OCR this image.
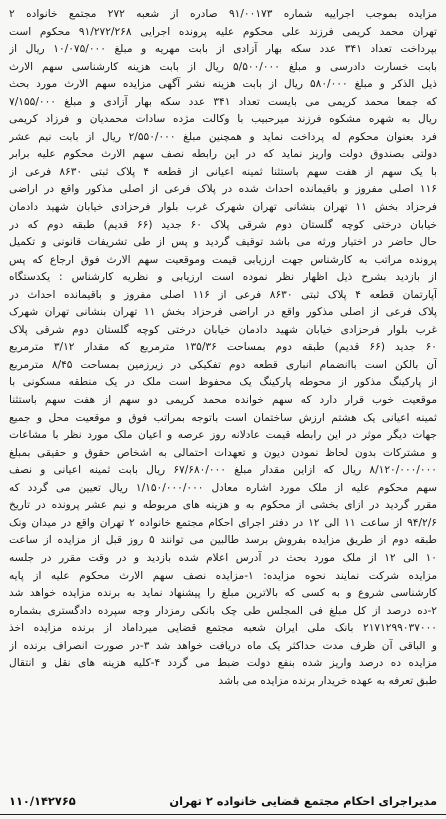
مزایده بموجب اجراییه شماره ۹۱/۰۰۱۷۳ صادره از شعبه ۲۷۲ مجتمع خانواده ۲
تهران محمد کریمی فرزند علی محکوم علیه پرونده اجرایی ۹۱/۲۷۲/۲۶۸ محکوم است
بپرداخت تعداد ۳۴۱ عدد سکه بهار آزادی از بابت مهریه و مبلغ ۱۰/۰۷۵/۰۰۰ ریال از
بابت خسارت دادرسی و مبلغ ۵/۵۰۰/۰۰۰ ریال از بابت هزینه کارشناسی سهم الارث
ذیل الذکر و مبلغ ۵۸۰/۰۰۰ ریال از بابت هزینه نشر آگهی مزایده سهم الارث مورد بحث
که جمعا محمد کریمی می بایست تعداد ۳۴۱ عدد سکه بهار آزادی و مبلغ ۷/۱۵۵/۰۰۰
ریال به شهره مشکوه فرزند میرحبیب با وکالت مژده سادات محمدیان و فرزاد کریمی
فرد بعنوان محکوم له پرداخت نماید و همچنین مبلغ ۲/۵۵۰/۰۰۰ ریال از بابت نیم عشر
دولتی بصندوق دولت واریز نماید که در این رابطه نصف سهم الارث محکوم علیه برابر
با یک سهم از هفت سهم باستثنا ثمینه اعیانی از قطعه ۴ پلاک ثبتی ۸۶۳۰ فرعی از
۱۱۶ اصلی مفروز و باقیمانده احداث شده در پلاک فرعی از اصلی مذکور واقع در اراضی
فرحزاد بخش ۱۱ تهران بنشانی تهران شهرک غرب بلوار فرحزادی خیابان شهید دادمان
خیابان درختی کوچه گلستان دوم شرقی پلاک ۶۰ جدید (۶۶ قدیم) طبقه دوم که در
حال حاضر در اختیار ورثه می باشد توقیف گردید و پس از طی تشریفات قانونی و تکمیل
پرونده مراتب به کارشناس جهت ارزیابی قیمت وموقعیت سهم الارث فوق ارجاع که پس
از بازدید بشرح ذیل اظهار نظر نموده است ارزیابی و نظریه کارشناس : یکدستگاه
آپارتمان قطعه ۴ پلاک ثبتی ۸۶۳۰ فرعی از ۱۱۶ اصلی مفروز و باقیمانده احداث در
پلاک فرعی از اصلی مذکور واقع در اراضی فرحزاد بخش ۱۱ تهران بنشانی تهران شهرک
غرب بلوار فرحزادی خیابان شهید دادمان خیابان درختی کوچه گلستان دوم شرقی پلاک
۶۰ جدید (۶۶ قدیم) طبقه دوم بمساحت ۱۳۵/۳۶ مترمربع که مقدار ۳/۱۲ مترمربع
آن بالکن است باانضمام انباری قطعه دوم تفکیکی در زیرزمین بمساحت ۸/۴۵ مترمربع
از پارکینگ مذکور از محوطه پارکینگ یک محفوظ است ملک در یک منطقه مسکونی با
موقعیت خوب قرار دارد که سهم خوانده محمد کریمی دو سهم از هفت سهم باستثنا
ثمینه اعیانی یک هشتم ارزش ساختمان است باتوجه بمراتب فوق و موقعیت محل و جمیع
جهات دیگر موثر در این رابطه قیمت عادلانه روز عرصه و اعیان ملک مورد نظر با مشاعات
و مشترکات بدون لحاظ نمودن دیون و تعهدات احتمالی به اشخاص حقوق و حقیقی بمبلغ
۸/۱۲۰/۰۰۰/۰۰۰ ریال که ازاین مقدار مبلغ ۶۷/۶۸۰/۰۰۰ ریال بابت ثمینه اعیانی و نصف
سهم محکوم علیه از ملک مورد اشاره معادل ۱/۱۵۰/۰۰۰/۰۰۰ ریال تعیین می گردد که
مقرر گردید در ازای بخشی از محکوم به و هزینه های مربوطه و نیم عشر پرونده در تاریخ
۹۴/۲/۶ از ساعت ۱۱ الی ۱۲ در دفتر اجرای احکام مجتمع خانواده ۲ تهران واقع در میدان ونک
طبقه دوم از طریق مزایده بفروش برسد طالبین می توانند ۵ روز قبل از مزایده از ساعت
۱۰ الی ۱۲ از ملک مورد بحث در آدرس اعلام شده بازدید و در وقت مقرر در جلسه
مزایده شرکت نمایند نحوه مزایده: ۱-مزایده نصف سهم الارث محکوم علیه از پایه
کارشناسی شروع و به کسی که بالاترین مبلغ را پیشنهاد نماید به برنده مزایده خواهد شد
۲-ده درصد از کل مبلغ فی المجلس طی چک بانکی رمزدار وجه سپرده دادگستری بشماره
۲۱۷۱۲۹۹۰۳۷۰۰۰ بانک ملی ایران شعبه مجتمع قضایی میرداماد از برنده مزایده اخذ
و الباقی آن ظرف مدت حداکثر یک ماه دریافت خواهد شد ۳-در صورت انصراف برنده از
مزایده ده درصد واریز شده بنفع دولت ضبط می گردد ۴-کلیه هزینه های نقل و انتقال
طبق تعرفه به عهده خریدار برنده مزایده می باشد
مدیراجرای احکام مجتمع قضایی خانواده ۲ تهران
۱۱۰/۱۴۲۷۶۵
